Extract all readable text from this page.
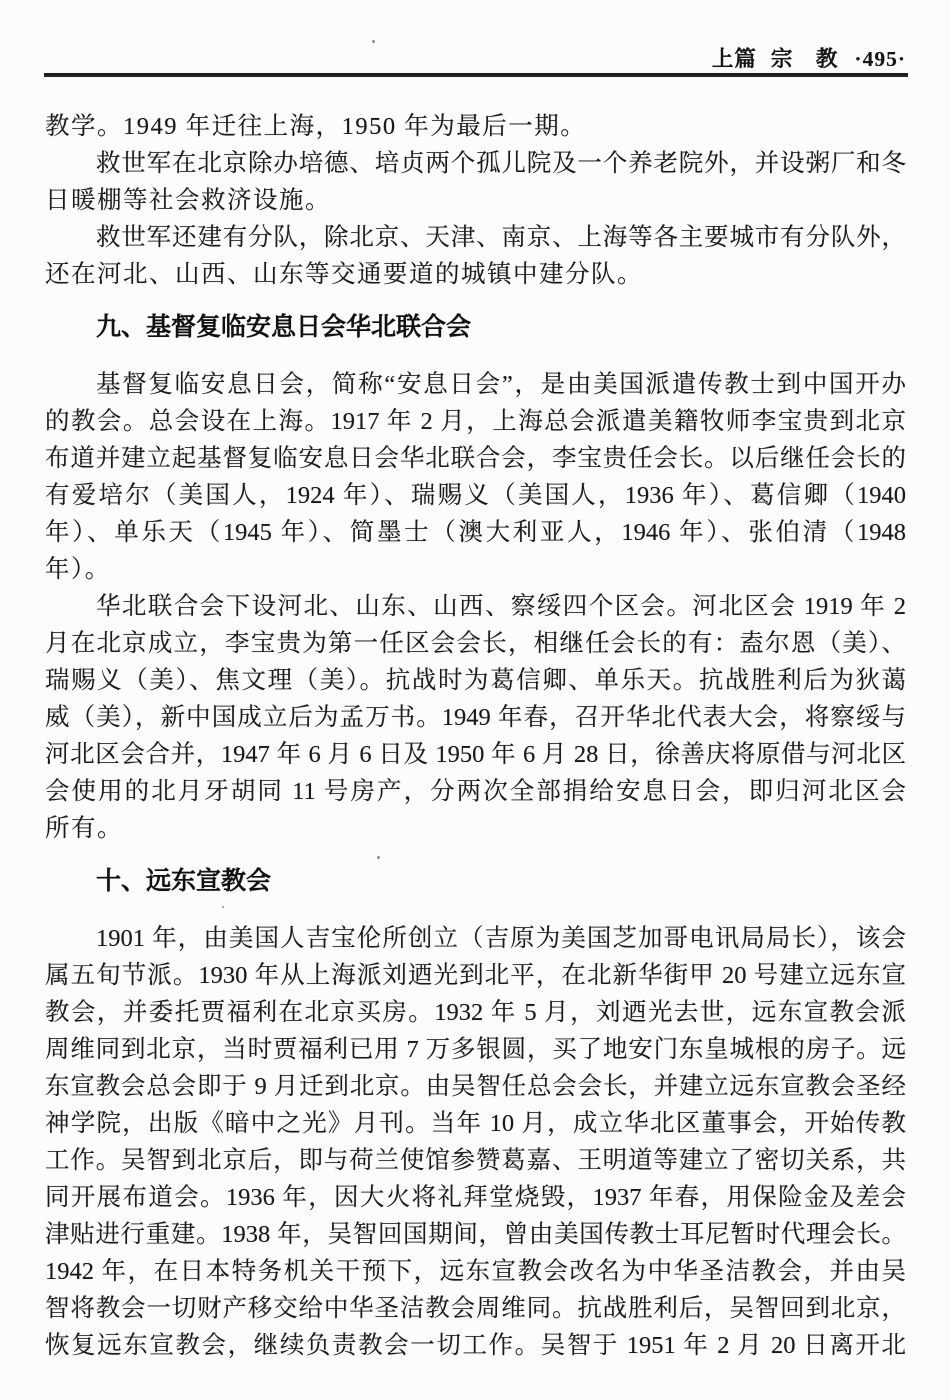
上篇 宗　教 ·495·
教学。1949 年迁往上海，1950 年为最后一期。
救世军在北京除办培德、培贞两个孤儿院及一个养老院外，并设粥厂和冬
日暖棚等社会救济设施。
救世军还建有分队，除北京、天津、南京、上海等各主要城市有分队外，
还在河北、山西、山东等交通要道的城镇中建分队。
九、基督复临安息日会华北联合会
基督复临安息日会，简称“安息日会”，是由美国派遣传教士到中国开办
的教会。总会设在上海。1917 年 2 月，上海总会派遣美籍牧师李宝贵到北京
布道并建立起基督复临安息日会华北联合会，李宝贵任会长。以后继任会长的
有爱培尔（美国人，1924 年）、瑞赐义（美国人，1936 年）、葛信卿（1940
年）、单乐天（1945 年）、简墨士（澳大利亚人，1946 年）、张伯清（1948
年）。
华北联合会下设河北、山东、山西、察绥四个区会。河北区会 1919 年 2
月在北京成立，李宝贵为第一任区会会长，相继任会长的有：盍尔恩（美）、
瑞赐义（美）、焦文理（美）。抗战时为葛信卿、单乐天。抗战胜利后为狄蔼
威（美），新中国成立后为孟万书。1949 年春，召开华北代表大会，将察绥与
河北区会合并，1947 年 6 月 6 日及 1950 年 6 月 28 日，徐善庆将原借与河北区
会使用的北月牙胡同 11 号房产，分两次全部捐给安息日会，即归河北区会
所有。
十、远东宣教会
1901 年，由美国人吉宝伦所创立（吉原为美国芝加哥电讯局局长），该会
属五旬节派。1930 年从上海派刘迺光到北平，在北新华街甲 20 号建立远东宣
教会，并委托贾福利在北京买房。1932 年 5 月，刘迺光去世，远东宣教会派
周维同到北京，当时贾福利已用 7 万多银圆，买了地安门东皇城根的房子。远
东宣教会总会即于 9 月迁到北京。由吴智任总会会长，并建立远东宣教会圣经
神学院，出版《暗中之光》月刊。当年 10 月，成立华北区董事会，开始传教
工作。吴智到北京后，即与荷兰使馆参赞葛嘉、王明道等建立了密切关系，共
同开展布道会。1936 年，因大火将礼拜堂烧毁，1937 年春，用保险金及差会
津贴进行重建。1938 年，吴智回国期间，曾由美国传教士耳尼暂时代理会长。
1942 年，在日本特务机关干预下，远东宣教会改名为中华圣洁教会，并由吴
智将教会一切财产移交给中华圣洁教会周维同。抗战胜利后，吴智回到北京，
恢复远东宣教会，继续负责教会一切工作。吴智于 1951 年 2 月 20 日离开北
